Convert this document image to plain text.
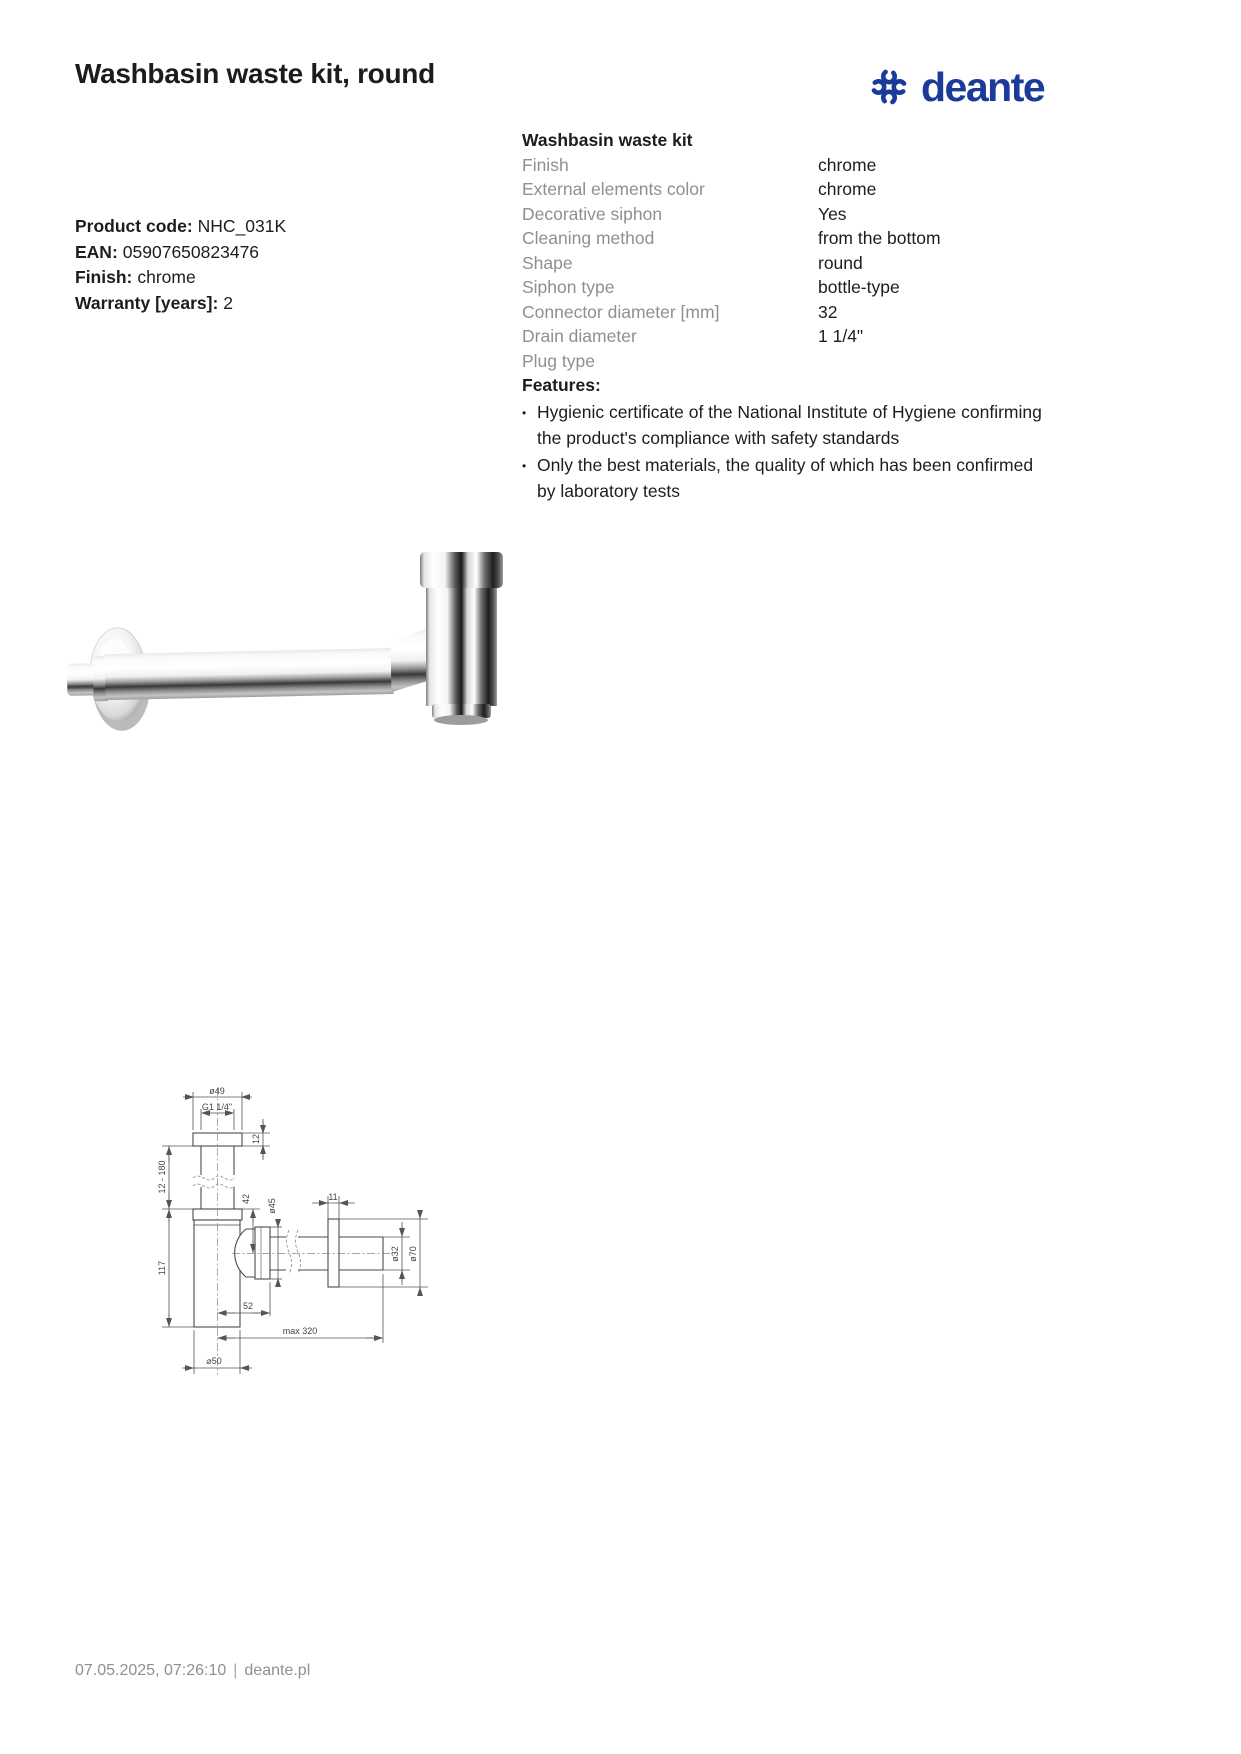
Washbasin waste kit, round	deante
Product code: NHC_031K
EAN: 05907650823476
Finish: chrome
Warranty [years]: 2
Washbasin waste kit
Finish	chrome
External elements color	chrome
Decorative siphon	Yes
Cleaning method	from the bottom
Shape	round
Siphon type	bottle-type
Connector diameter [mm]	32
Drain diameter	1 1/4"
Plug type
Features:
• Hygienic certificate of the National Institute of Hygiene confirming the product's compliance with safety standards
• Only the best materials, the quality of which has been confirmed by laboratory tests
ø49
G1 1/4"
12
12 - 180
117
42 ø45
11
ø32 ø70
52
max 320
⌀50
07.05.2025, 07:26:10 | deante.pl
